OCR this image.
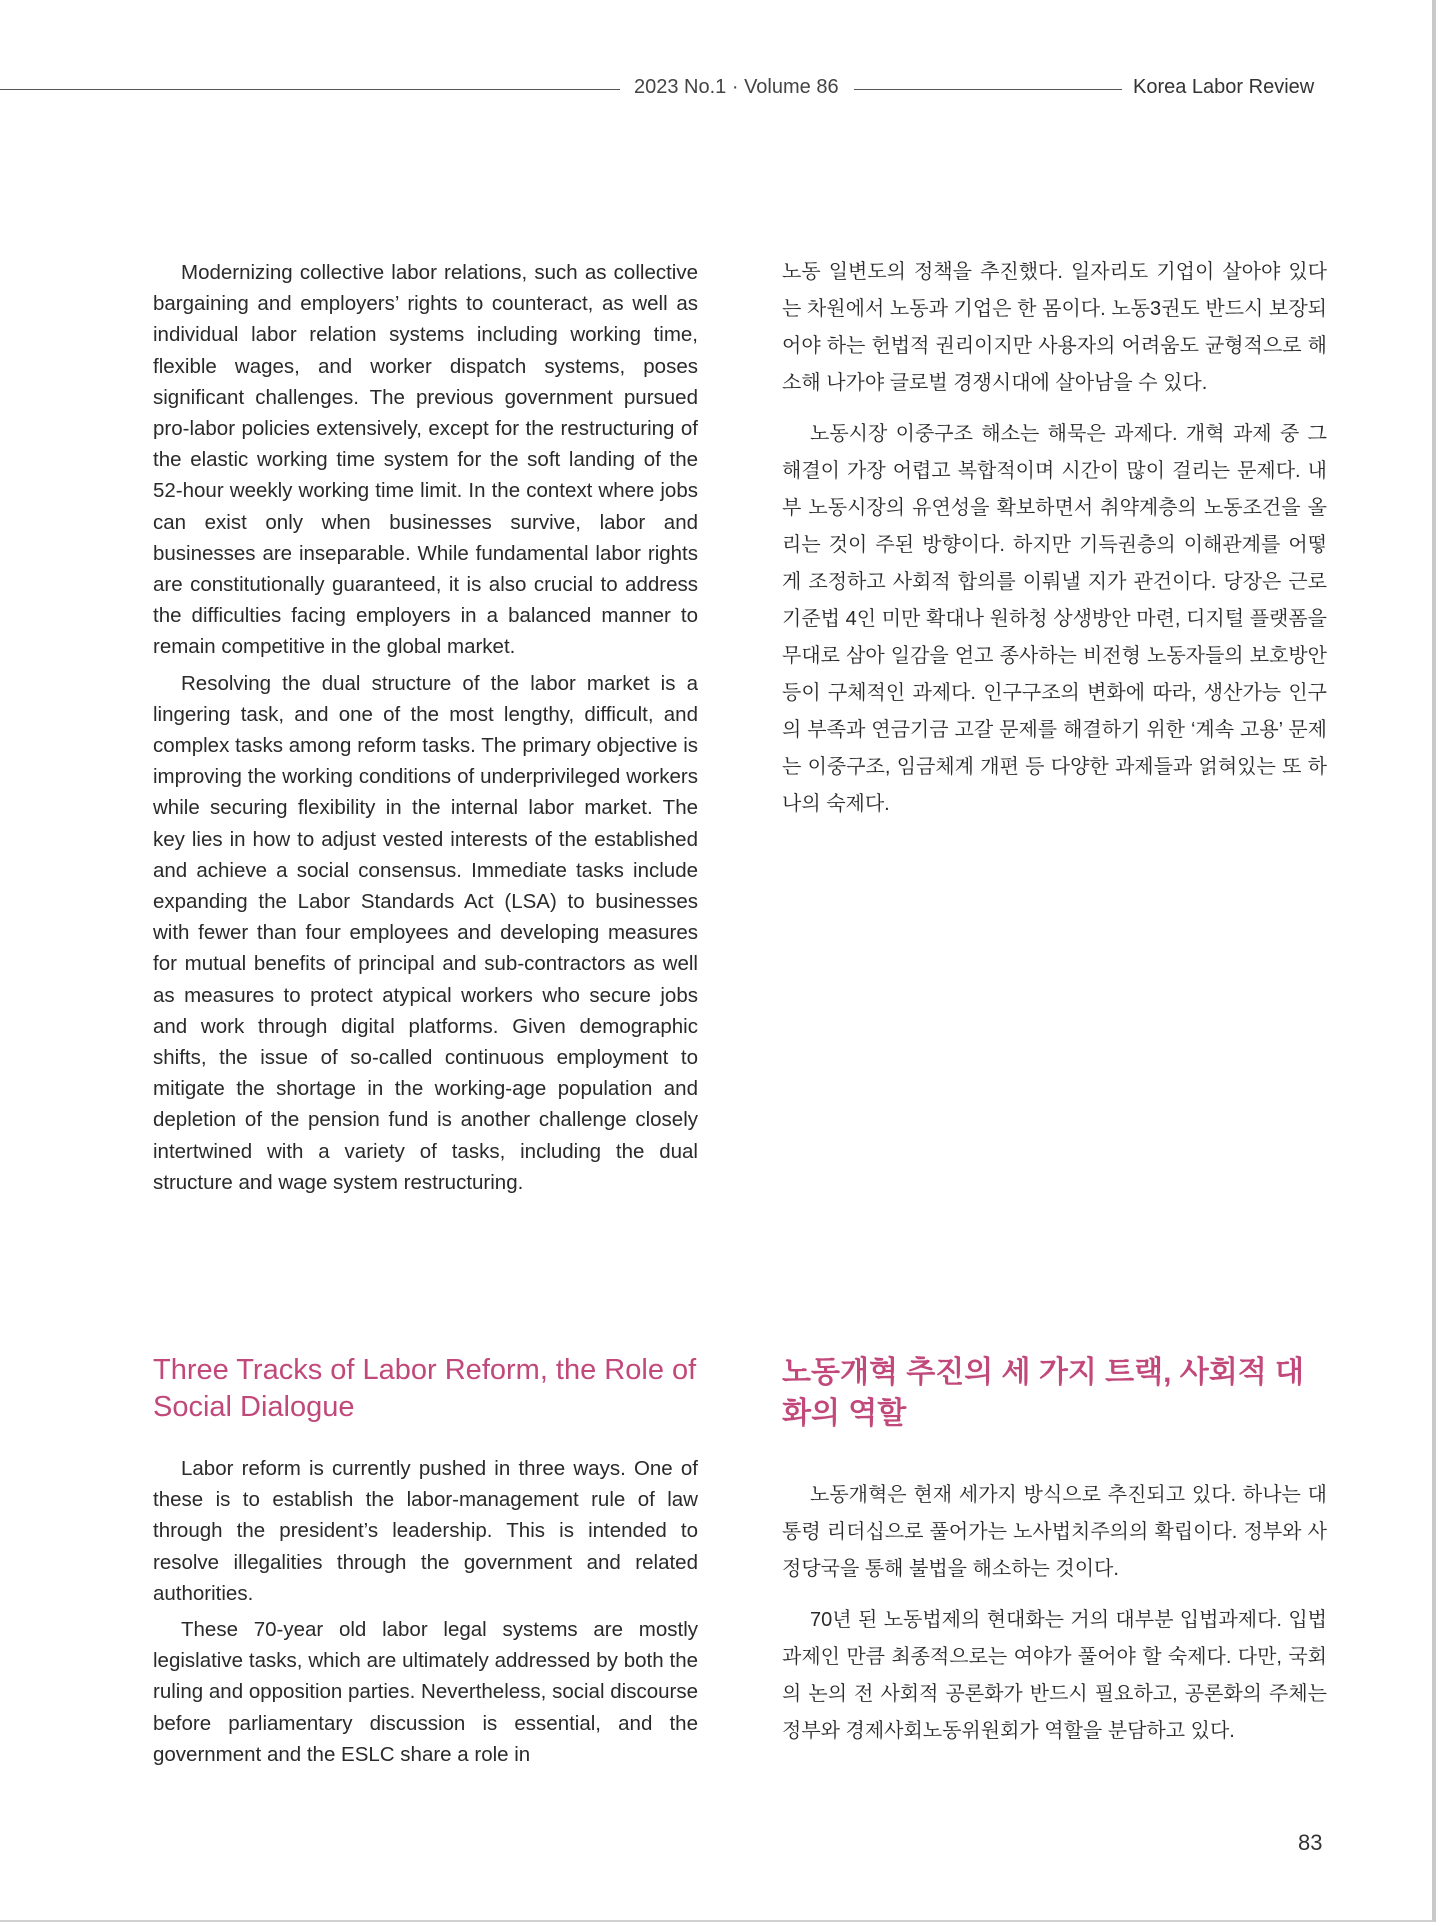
2023 No.1 · Volume 86	Korea Labor Review

Modernizing collective labor relations, such as collective bargaining and employers’ rights to counteract, as well as individual labor relation systems including working time, flexible wages, and worker dispatch systems, poses significant challenges. The previous government pursued pro-labor policies extensively, except for the restructuring of the elastic working time system for the soft landing of the 52-hour weekly working time limit. In the context where jobs can exist only when businesses survive, labor and businesses are inseparable. While fundamental labor rights are constitutionally guaranteed, it is also crucial to address the difficulties facing employers in a balanced manner to remain competitive in the global market.

Resolving the dual structure of the labor market is a lingering task, and one of the most lengthy, difficult, and complex tasks among reform tasks. The primary objective is improving the working conditions of underprivileged workers while securing flexibility in the internal labor market. The key lies in how to adjust vested interests of the established and achieve a social consensus. Immediate tasks include expanding the Labor Standards Act (LSA) to businesses with fewer than four employees and developing measures for mutual benefits of principal and sub-contractors as well as measures to protect atypical workers who secure jobs and work through digital platforms. Given demographic shifts, the issue of so-called continuous employment to mitigate the shortage in the working-age population and depletion of the pension fund is another challenge closely intertwined with a variety of tasks, including the dual structure and wage system restructuring.

노동 일변도의 정책을 추진했다. 일자리도 기업이 살아야 있다는 차원에서 노동과 기업은 한 몸이다. 노동3권도 반드시 보장되어야 하는 헌법적 권리이지만 사용자의 어려움도 균형적으로 해소해 나가야 글로벌 경쟁시대에 살아남을 수 있다.

노동시장 이중구조 해소는 해묵은 과제다. 개혁 과제 중 그 해결이 가장 어렵고 복합적이며 시간이 많이 걸리는 문제다. 내부 노동시장의 유연성을 확보하면서 취약계층의 노동조건을 올리는 것이 주된 방향이다. 하지만 기득권층의 이해관계를 어떻게 조정하고 사회적 합의를 이뤄낼 지가 관건이다. 당장은 근로기준법 4인 미만 확대나 원하청 상생방안 마련, 디지털 플랫폼을 무대로 삼아 일감을 얻고 종사하는 비전형 노동자들의 보호방안 등이 구체적인 과제다. 인구구조의 변화에 따라, 생산가능 인구의 부족과 연금기금 고갈 문제를 해결하기 위한 ‘계속 고용’ 문제는 이중구조, 임금체계 개편 등 다양한 과제들과 얽혀있는 또 하나의 숙제다.

Three Tracks of Labor Reform, the Role of Social Dialogue
노동개혁 추진의 세 가지 트랙, 사회적 대화의 역할

Labor reform is currently pushed in three ways. One of these is to establish the labor-management rule of law through the president’s leadership. This is intended to resolve illegalities through the government and related authorities.

These 70-year old labor legal systems are mostly legislative tasks, which are ultimately addressed by both the ruling and opposition parties. Nevertheless, social discourse before parliamentary discussion is essential, and the government and the ESLC share a role in

노동개혁은 현재 세가지 방식으로 추진되고 있다. 하나는 대통령 리더십으로 풀어가는 노사법치주의의 확립이다. 정부와 사정당국을 통해 불법을 해소하는 것이다.

70년 된 노동법제의 현대화는 거의 대부분 입법과제다. 입법과제인 만큼 최종적으로는 여야가 풀어야 할 숙제다. 다만, 국회의 논의 전 사회적 공론화가 반드시 필요하고, 공론화의 주체는 정부와 경제사회노동위원회가 역할을 분담하고 있다.

83
